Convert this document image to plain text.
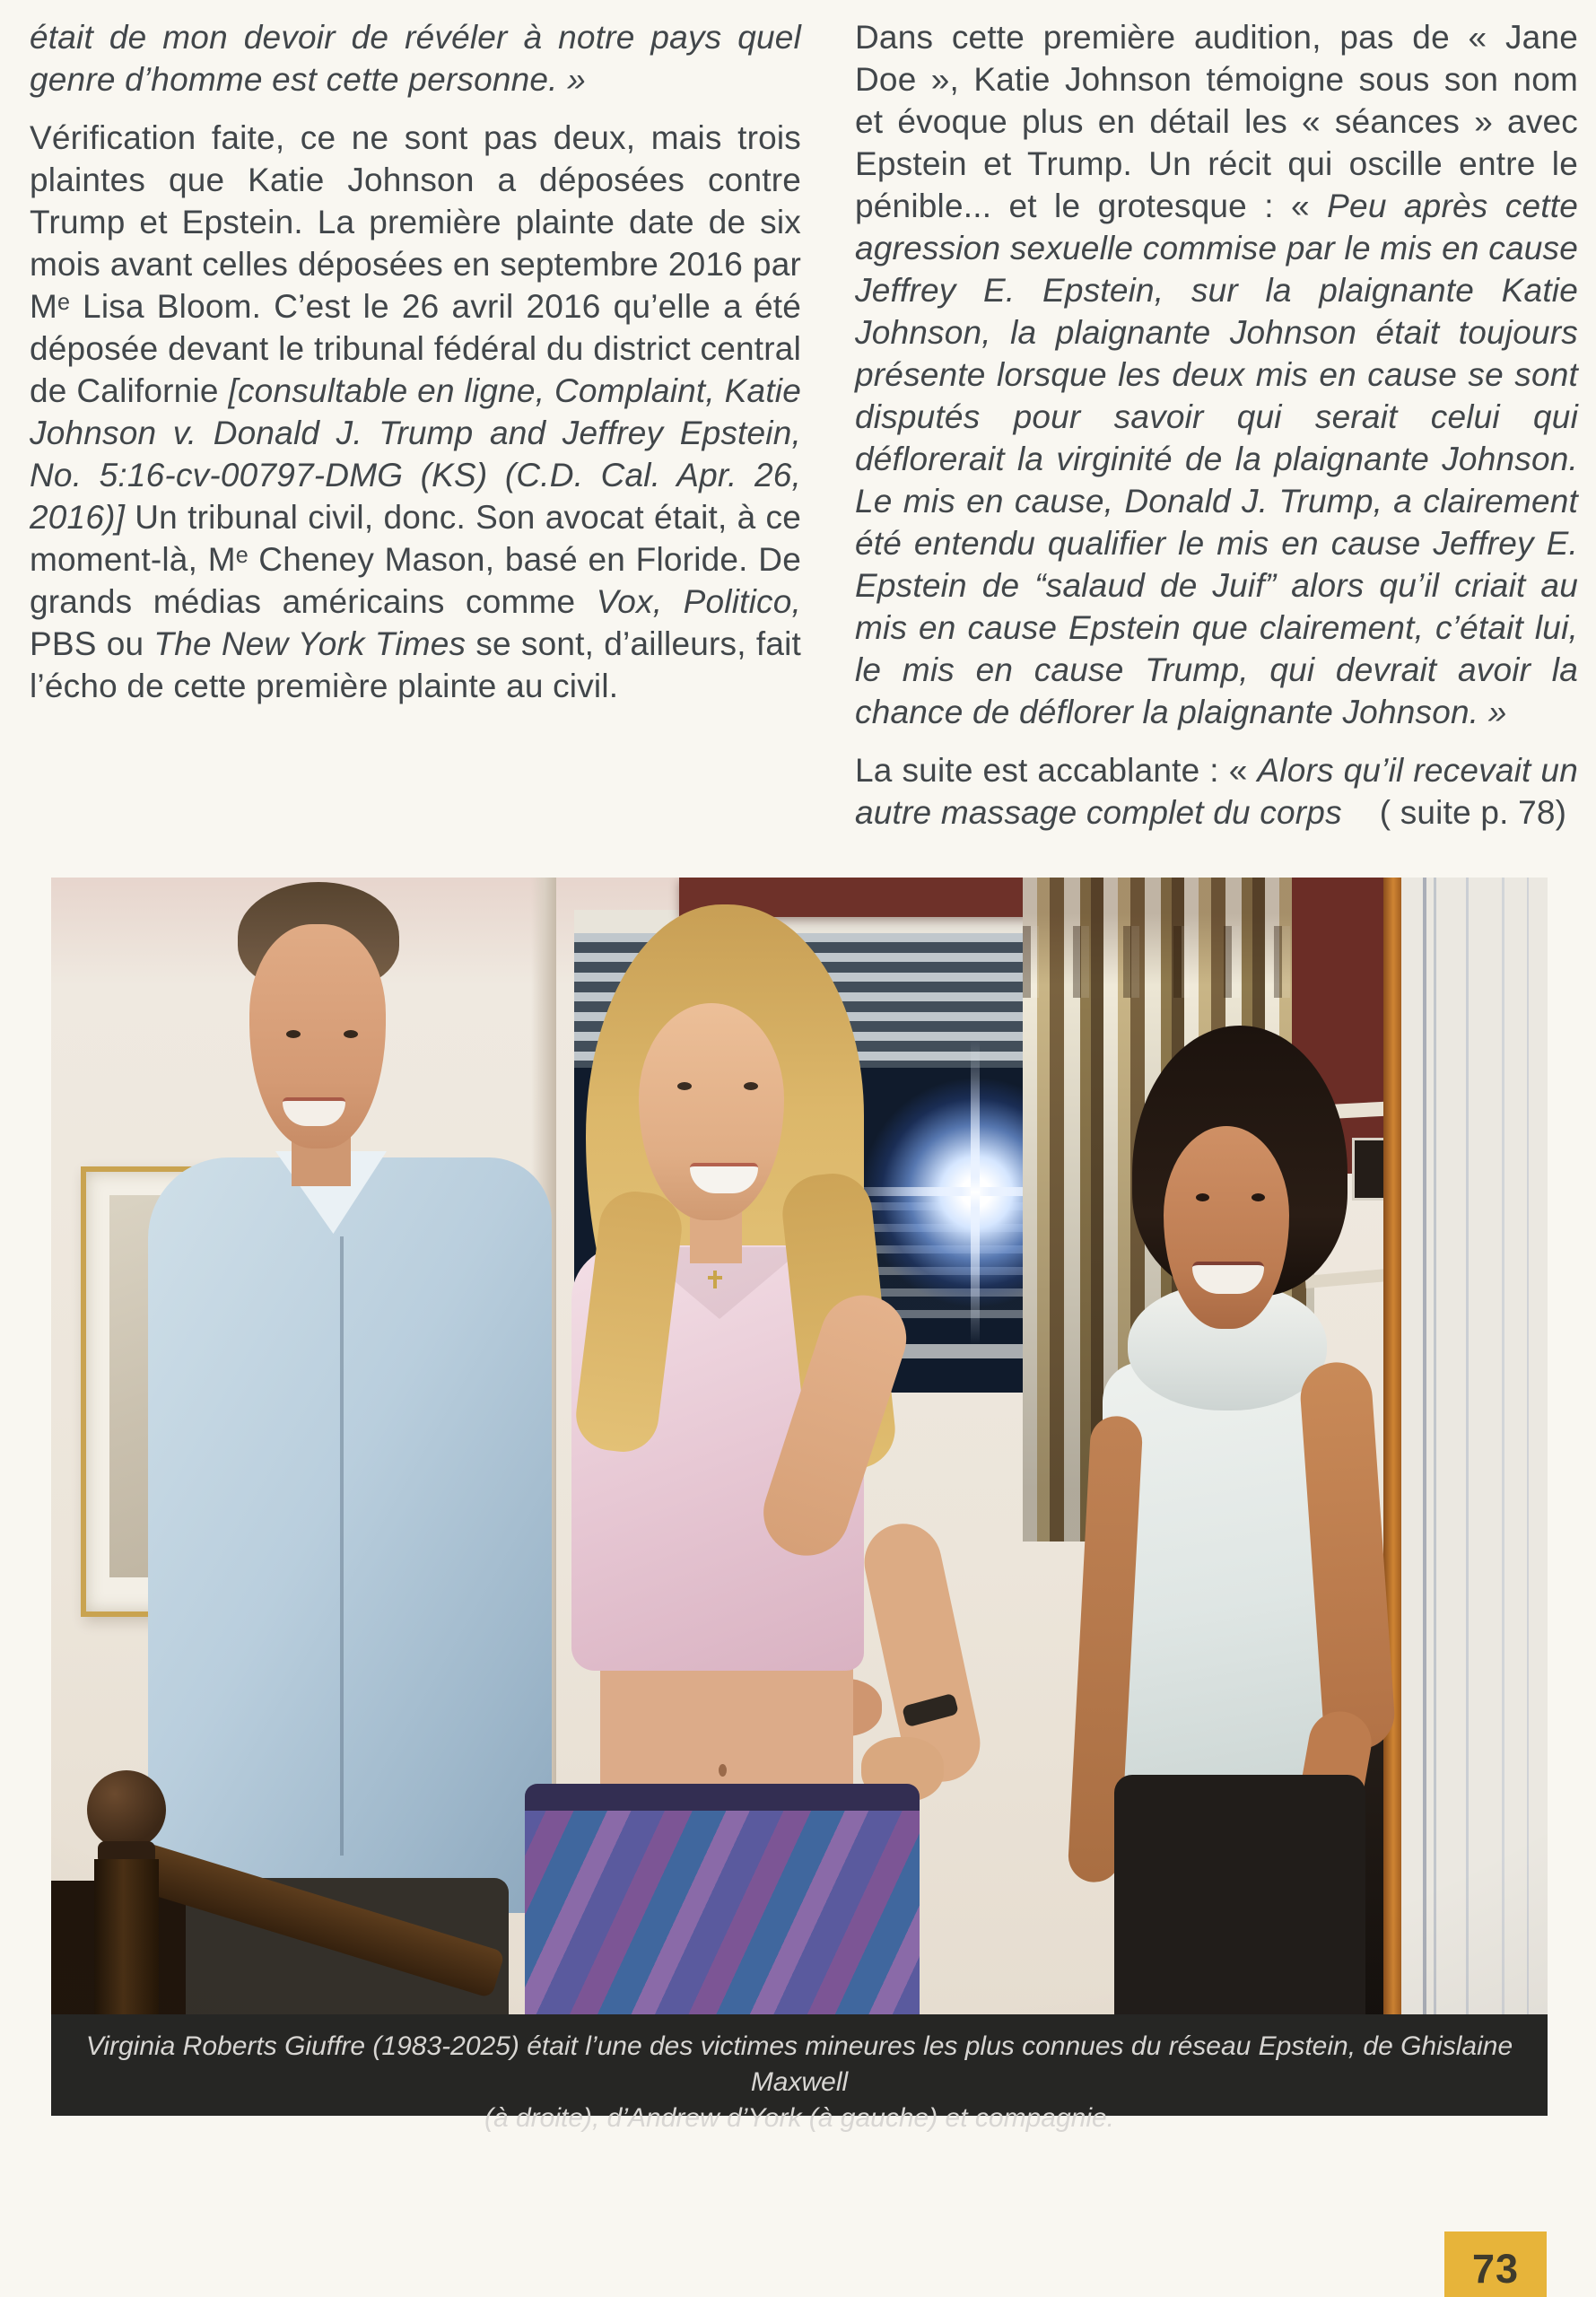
était de mon devoir de révéler à notre pays quel genre d’homme est cette personne. »

Vérification faite, ce ne sont pas deux, mais trois plaintes que Katie Johnson a déposées contre Trump et Epstein. La première plainte date de six mois avant celles déposées en septembre 2016 par Mᵉ Lisa Bloom. C’est le 26 avril 2016 qu’elle a été déposée devant le tribunal fédéral du district central de Californie [consultable en ligne, Complaint, Katie Johnson v. Donald J. Trump and Jeffrey Epstein, No. 5:16-cv-00797-DMG (KS) (C.D. Cal. Apr. 26, 2016)] Un tribunal civil, donc. Son avocat était, à ce moment-là, Mᵉ Cheney Mason, basé en Floride. De grands médias américains comme Vox, Politico, PBS ou The New York Times se sont, d’ailleurs, fait l’écho de cette première plainte au civil.

Dans cette première audition, pas de « Jane Doe », Katie Johnson témoigne sous son nom et évoque plus en détail les « séances » avec Epstein et Trump. Un récit qui oscille entre le pénible... et le grotesque : « Peu après cette agression sexuelle commise par le mis en cause Jeffrey E. Epstein, sur la plaignante Katie Johnson, la plaignante Johnson était toujours présente lorsque les deux mis en cause se sont disputés pour savoir qui serait celui qui déflorerait la virginité de la plaignante Johnson. Le mis en cause, Donald J. Trump, a clairement été entendu qualifier le mis en cause Jeffrey E. Epstein de “salaud de Juif” alors qu’il criait au mis en cause Epstein que clairement, c’était lui, le mis en cause Trump, qui devrait avoir la chance de déflorer la plaignante Johnson. »

La suite est accablante : « Alors qu’il recevait un autre massage complet du corps    ( suite p. 78)

Virginia Roberts Giuffre (1983-2025) était l’une des victimes mineures les plus connues du réseau Epstein, de Ghislaine Maxwell
(à droite), d’Andrew d’York (à gauche) et compagnie.
73
